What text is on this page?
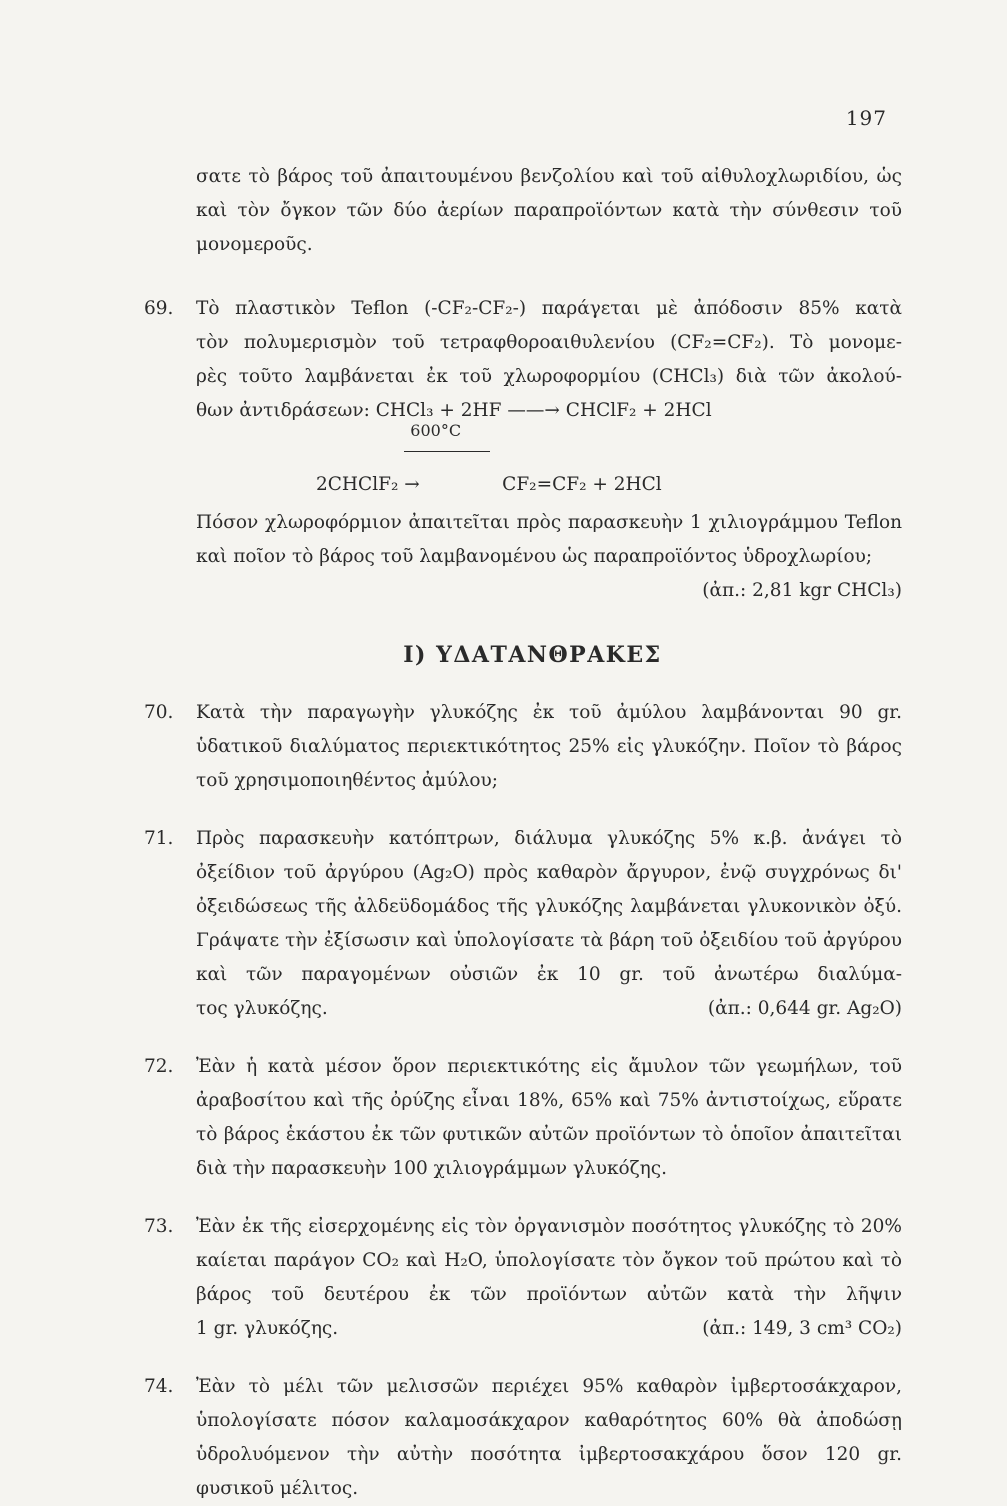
197
σατε τὸ βάρος τοῦ ἀπαιτουμένου βενζολίου καὶ τοῦ αἰθυλοχλωριδίου, ὡς καὶ τὸν ὄγκον τῶν δύο ἀερίων παραπροϊόντων κατὰ τὴν σύνθεσιν τοῦ μονομεροῦς.
69. Τὸ πλαστικὸν Teflon (-CF₂-CF₂-) παράγεται μὲ ἀπόδοσιν 85% κατὰ
τὸν πολυμερισμὸν τοῦ τετραφθοροαιθυλενίου (CF₂=CF₂). Τὸ μονομε-
ρὲς τοῦτο λαμβάνεται ἐκ τοῦ χλωροφορμίου (CHCl₃) διὰ τῶν ἀκολού-
θων ἀντιδράσεων: CHCl₃ + 2HF ——→ CHClF₂ + 2HCl
2CHClF₂
600°C
→	CF₂=CF₂ + 2HCl
Πόσον χλωροφόρμιον ἀπαιτεῖται πρὸς παρασκευὴν 1 χιλιογράμμου Teflon καὶ ποῖον τὸ βάρος τοῦ λαμβανομένου ὡς παραπροϊόντος ὑδροχλωρίου;
(ἀπ.: 2,81 kgr CHCl₃)
Ι) ΥΔΑΤΑΝΘΡΑΚΕΣ
70. Κατὰ τὴν παραγωγὴν γλυκόζης ἐκ τοῦ ἀμύλου λαμβάνονται 90 gr. ὑδατικοῦ διαλύματος περιεκτικότητος 25% εἰς γλυκόζην. Ποῖον τὸ βάρος τοῦ χρησιμοποιηθέντος ἀμύλου;
71. Πρὸς παρασκευὴν κατόπτρων, διάλυμα γλυκόζης 5% κ.β. ἀνάγει τὸ ὀξείδιον τοῦ ἀργύρου (Ag₂O) πρὸς καθαρὸν ἄργυρον, ἐνῷ συγχρόνως δι' ὀξειδώσεως τῆς ἀλδεϋδομάδος τῆς γλυκόζης λαμβάνεται γλυκονικὸν ὀξύ. Γράψατε τὴν ἐξίσωσιν καὶ ὑπολογίσατε τὰ βάρη τοῦ ὀξειδίου τοῦ ἀργύρου καὶ τῶν παραγομένων οὐσιῶν ἐκ 10 gr. τοῦ ἀνωτέρω διαλύμα-
τος γλυκόζης.	(ἀπ.: 0,644 gr. Ag₂O)
72. Ἐὰν ἡ κατὰ μέσον ὅρον περιεκτικότης εἰς ἄμυλον τῶν γεωμήλων, τοῦ ἀραβοσίτου καὶ τῆς ὀρύζης εἶναι 18%, 65% καὶ 75% ἀντιστοίχως, εὕρατε τὸ βάρος ἑκάστου ἐκ τῶν φυτικῶν αὐτῶν προϊόντων τὸ ὁποῖον ἀπαιτεῖται διὰ τὴν παρασκευὴν 100 χιλιογράμμων γλυκόζης.
73. Ἐὰν ἐκ τῆς εἰσερχομένης εἰς τὸν ὀργανισμὸν ποσότητος γλυκόζης τὸ 20% καίεται παράγον CO₂ καὶ H₂O, ὑπολογίσατε τὸν ὄγκον τοῦ πρώτου καὶ τὸ βάρος τοῦ δευτέρου ἐκ τῶν προϊόντων αὐτῶν κατὰ τὴν λῆψιν
1 gr. γλυκόζης.	(ἀπ.: 149, 3 cm³ CO₂)
74. Ἐὰν τὸ μέλι τῶν μελισσῶν περιέχει 95% καθαρὸν ἰμβερτοσάκχαρον, ὑπολογίσατε πόσον καλαμοσάκχαρον καθαρότητος 60% θὰ ἀποδώσῃ ὑδρολυόμενον τὴν αὐτὴν ποσότητα ἰμβερτοσακχάρου ὅσον 120 gr. φυσικοῦ μέλιτος.
